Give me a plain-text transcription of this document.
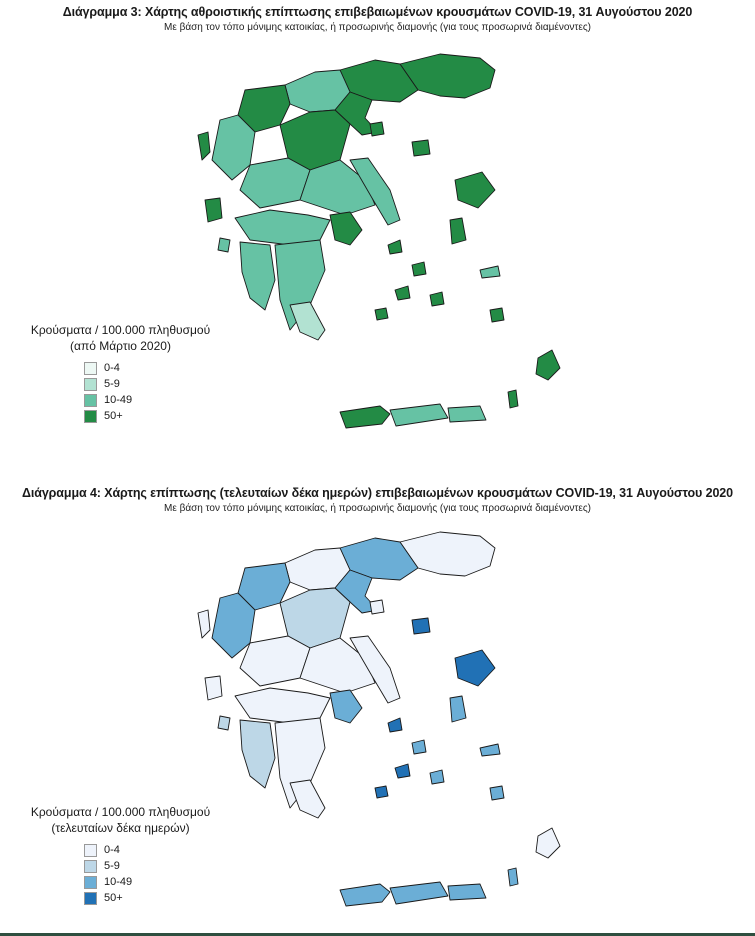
Διάγραμμα 3: Χάρτης αθροιστικής επίπτωσης επιβεβαιωμένων κρουσμάτων COVID-19, 31 Αυγούστου 2020
Με βάση τον τόπο μόνιμης κατοικίας, ή προσωρινής διαμονής (για τους προσωρινά διαμένοντες)
Κρούσματα / 100.000 πληθυσμού
(από Μάρτιο 2020)
0-4
5-9
10-49
50+
Διάγραμμα 4: Χάρτης επίπτωσης (τελευταίων δέκα ημερών) επιβεβαιωμένων κρουσμάτων COVID-19, 31 Αυγούστου 2020
Με βάση τον τόπο μόνιμης κατοικίας, ή προσωρινής διαμονής (για τους προσωρινά διαμένοντες)
Κρούσματα / 100.000 πληθυσμού
(τελευταίων δέκα ημερών)
0-4
5-9
10-49
50+
